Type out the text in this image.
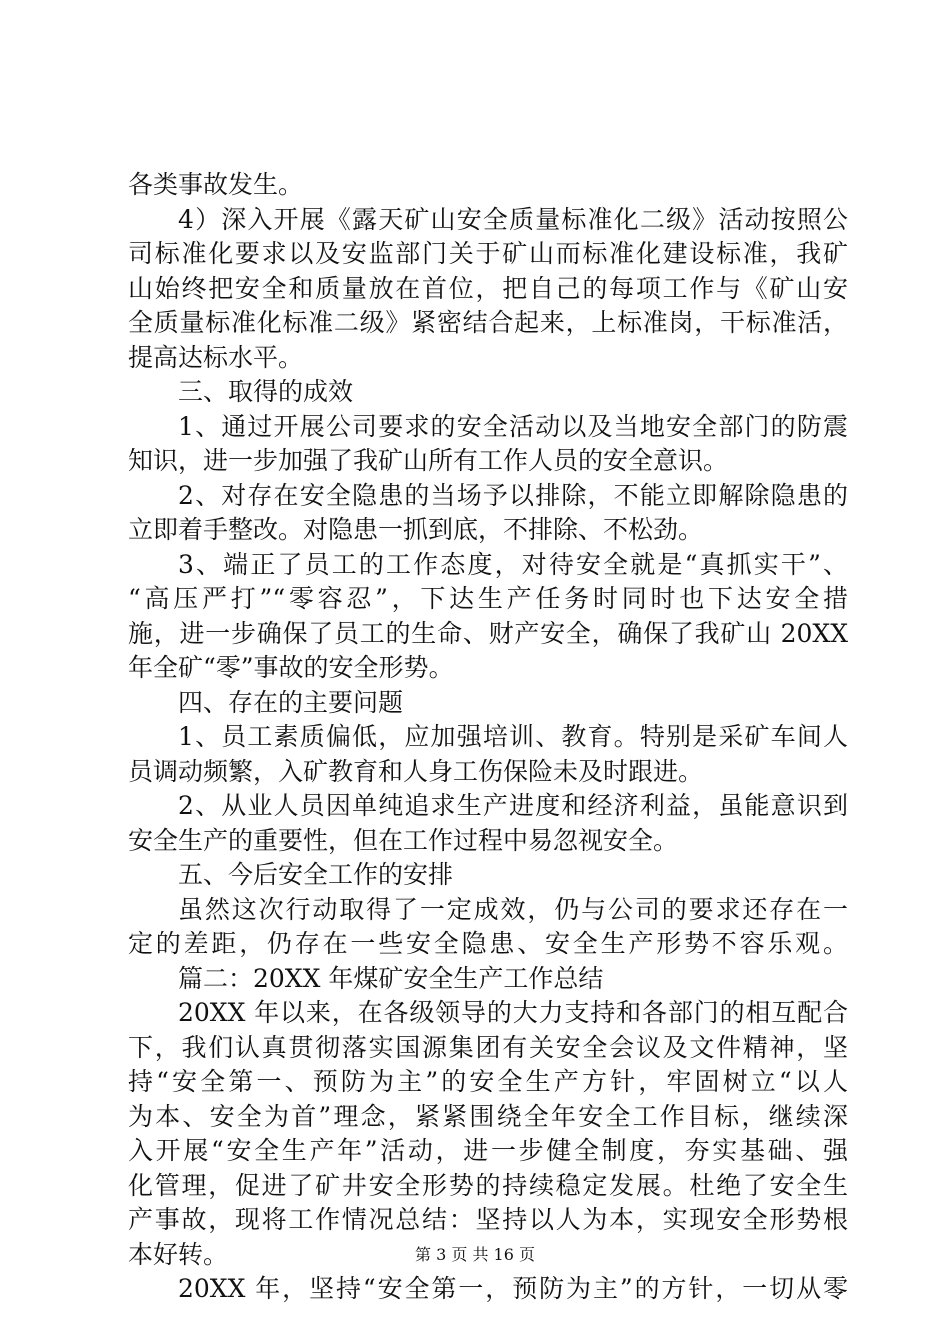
各类事故发生。
4）深入开展《露天矿山安全质量标准化二级》活动按照公
司标准化要求以及安监部门关于矿山而标准化建设标准，我矿
山始终把安全和质量放在首位，把自己的每项工作与《矿山安
全质量标准化标准二级》紧密结合起来，上标准岗，干标准活，
提高达标水平。
三、取得的成效
1、通过开展公司要求的安全活动以及当地安全部门的防震
知识，进一步加强了我矿山所有工作人员的安全意识。
2、对存在安全隐患的当场予以排除，不能立即解除隐患的
立即着手整改。对隐患一抓到底，不排除、不松劲。
3、端正了员工的工作态度，对待安全就是“真抓实干”、
“高压严打”“零容忍”，下达生产任务时同时也下达安全措
施，进一步确保了员工的生命、财产安全，确保了我矿山 20XX
年全矿“零”事故的安全形势。
四、存在的主要问题
1、员工素质偏低，应加强培训、教育。特别是采矿车间人
员调动频繁，入矿教育和人身工伤保险未及时跟进。
2、从业人员因单纯追求生产进度和经济利益，虽能意识到
安全生产的重要性，但在工作过程中易忽视安全。
五、今后安全工作的安排
虽然这次行动取得了一定成效，仍与公司的要求还存在一
定的差距，仍存在一些安全隐患、安全生产形势不容乐观。
篇二：20XX 年煤矿安全生产工作总结
20XX 年以来，在各级领导的大力支持和各部门的相互配合
下，我们认真贯彻落实国源集团有关安全会议及文件精神，坚
持“安全第一、预防为主”的安全生产方针，牢固树立“以人
为本、安全为首”理念，紧紧围绕全年安全工作目标，继续深
入开展“安全生产年”活动，进一步健全制度，夯实基础、强
化管理，促进了矿井安全形势的持续稳定发展。杜绝了安全生
产事故，现将工作情况总结：坚持以人为本，实现安全形势根
本好转。
20XX 年，坚持“安全第一，预防为主”的方针，一切从零
第 3 页 共 16 页
